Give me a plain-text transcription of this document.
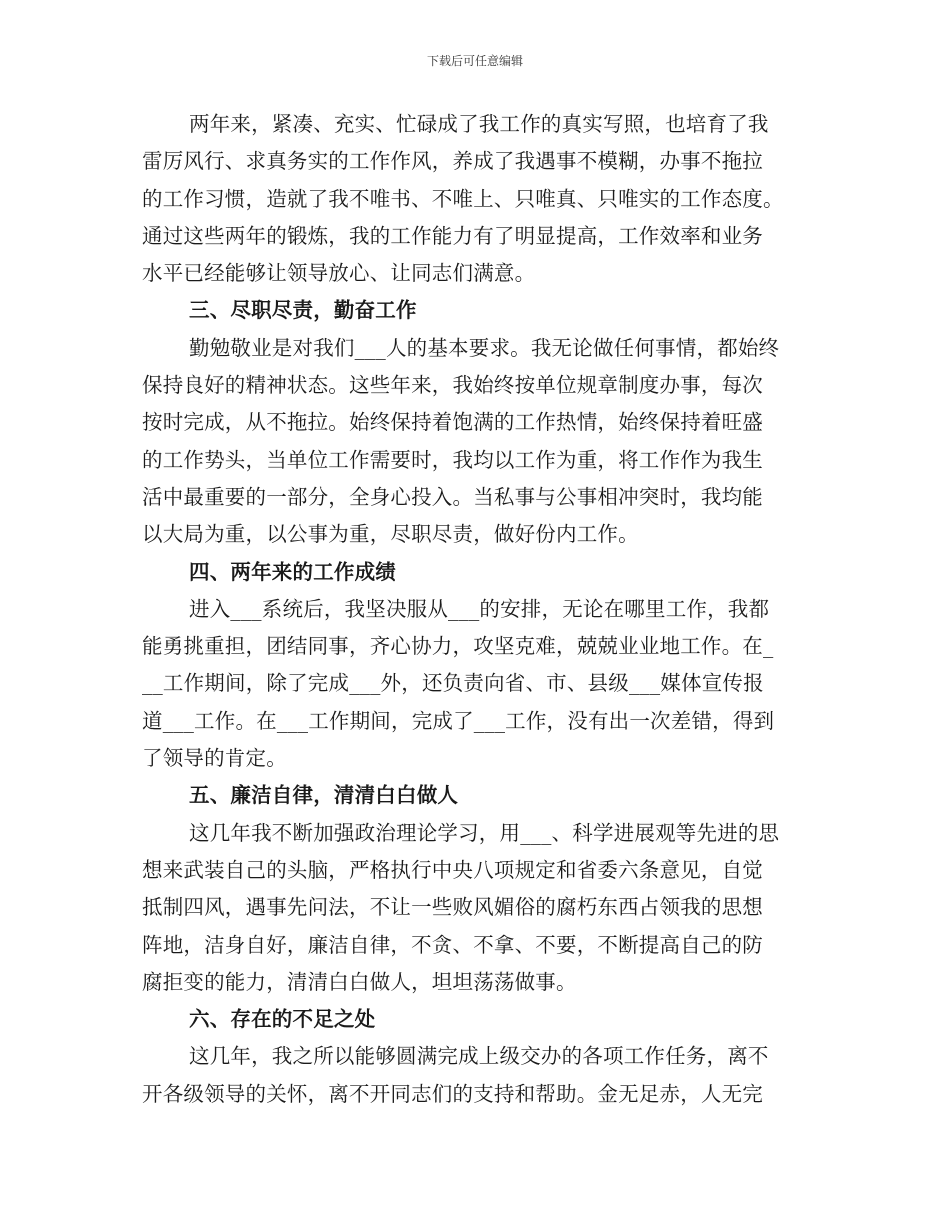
下载后可任意编辑
两年来，紧凑、充实、忙碌成了我工作的真实写照，也培育了我
雷厉风行、求真务实的工作作风，养成了我遇事不模糊，办事不拖拉
的工作习惯，造就了我不唯书、不唯上、只唯真、只唯实的工作态度。
通过这些两年的锻炼，我的工作能力有了明显提高，工作效率和业务
水平已经能够让领导放心、让同志们满意。
三、尽职尽责，勤奋工作
勤勉敬业是对我们___人的基本要求。我无论做任何事情，都始终
保持良好的精神状态。这些年来，我始终按单位规章制度办事，每次
按时完成，从不拖拉。始终保持着饱满的工作热情，始终保持着旺盛
的工作势头，当单位工作需要时，我均以工作为重，将工作作为我生
活中最重要的一部分，全身心投入。当私事与公事相冲突时，我均能
以大局为重，以公事为重，尽职尽责，做好份内工作。
四、两年来的工作成绩
进入___系统后，我坚决服从___的安排，无论在哪里工作，我都
能勇挑重担，团结同事，齐心协力，攻坚克难，兢兢业业地工作。在_
__工作期间，除了完成___外，还负责向省、市、县级___媒体宣传报
道___工作。在___工作期间，完成了___工作，没有出一次差错，得到
了领导的肯定。
五、廉洁自律，清清白白做人
这几年我不断加强政治理论学习，用___、科学进展观等先进的思
想来武装自己的头脑，严格执行中央八项规定和省委六条意见，自觉
抵制四风，遇事先问法，不让一些败风媚俗的腐朽东西占领我的思想
阵地，洁身自好，廉洁自律，不贪、不拿、不要，不断提高自己的防
腐拒变的能力，清清白白做人，坦坦荡荡做事。
六、存在的不足之处
这几年，我之所以能够圆满完成上级交办的各项工作任务，离不
开各级领导的关怀，离不开同志们的支持和帮助。金无足赤，人无完
